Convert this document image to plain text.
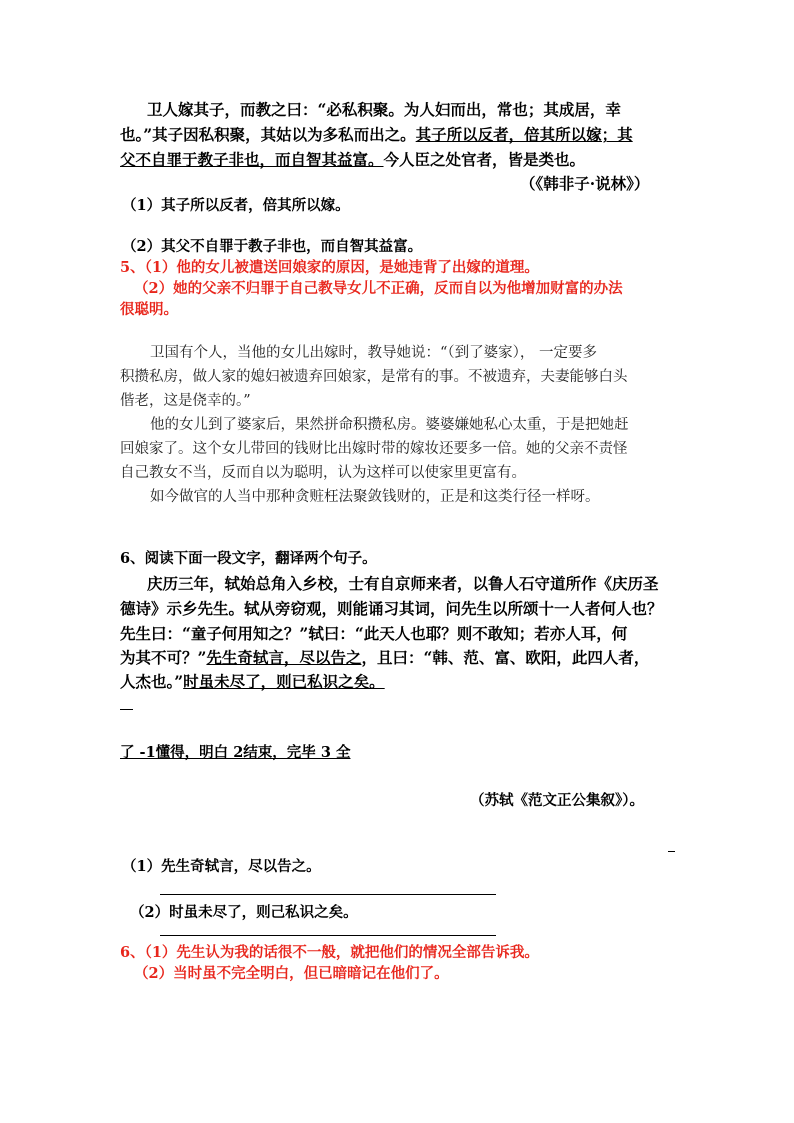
卫人嫁其子，而教之曰：“必私积聚。为人妇而出，常也；其成居，幸
也。”其子因私积聚，其姑以为多私而出之。其子所以反者，倍其所以嫁；其
父不自罪于教子非也，而自智其益富。今人臣之处官者，皆是类也。
（《韩非子·说林》）
（1）其子所以反者，倍其所以嫁。
（2）其父不自罪于教子非也，而自智其益富。
5、（1）他的女儿被遣送回娘家的原因，是她违背了出嫁的道理。
（2）她的父亲不归罪于自己教导女儿不正确，反而自以为他增加财富的办法
很聪明。
卫国有个人，当他的女儿出嫁时，教导她说：“（到了婆家）， 一定要多
积攒私房，做人家的媳妇被遗弃回娘家，是常有的事。不被遗弃，夫妻能够白头
偕老，这是侥幸的。”
他的女儿到了婆家后，果然拼命积攒私房。婆婆嫌她私心太重，于是把她赶
回娘家了。这个女儿带回的钱财比出嫁时带的嫁妆还要多一倍。她的父亲不责怪
自己教女不当，反而自以为聪明，认为这样可以使家里更富有。
如今做官的人当中那种贪赃枉法聚敛钱财的，正是和这类行径一样呀。
6、阅读下面一段文字，翻译两个句子。
庆历三年，轼始总角入乡校，士有自京师来者，以鲁人石守道所作《庆历圣
德诗》示乡先生。轼从旁窃观，则能诵习其词，问先生以所颂十一人者何人也？
先生曰：“童子何用知之？”轼曰：“此天人也耶？则不敢知；若亦人耳，何
为其不可？”先生奇轼言，尽以告之，且曰：“韩、范、富、欧阳，此四人者，
人杰也。”时虽未尽了，则已私识之矣。
了 -1懂得，明白 2结束，完毕 3 全
（苏轼《范文正公集叙》）。
（1）先生奇轼言，尽以告之。
（2）时虽未尽了，则己私识之矣。
6、（1）先生认为我的话很不一般，就把他们的情况全部告诉我。
（2）当时虽不完全明白，但已暗暗记在他们了。
